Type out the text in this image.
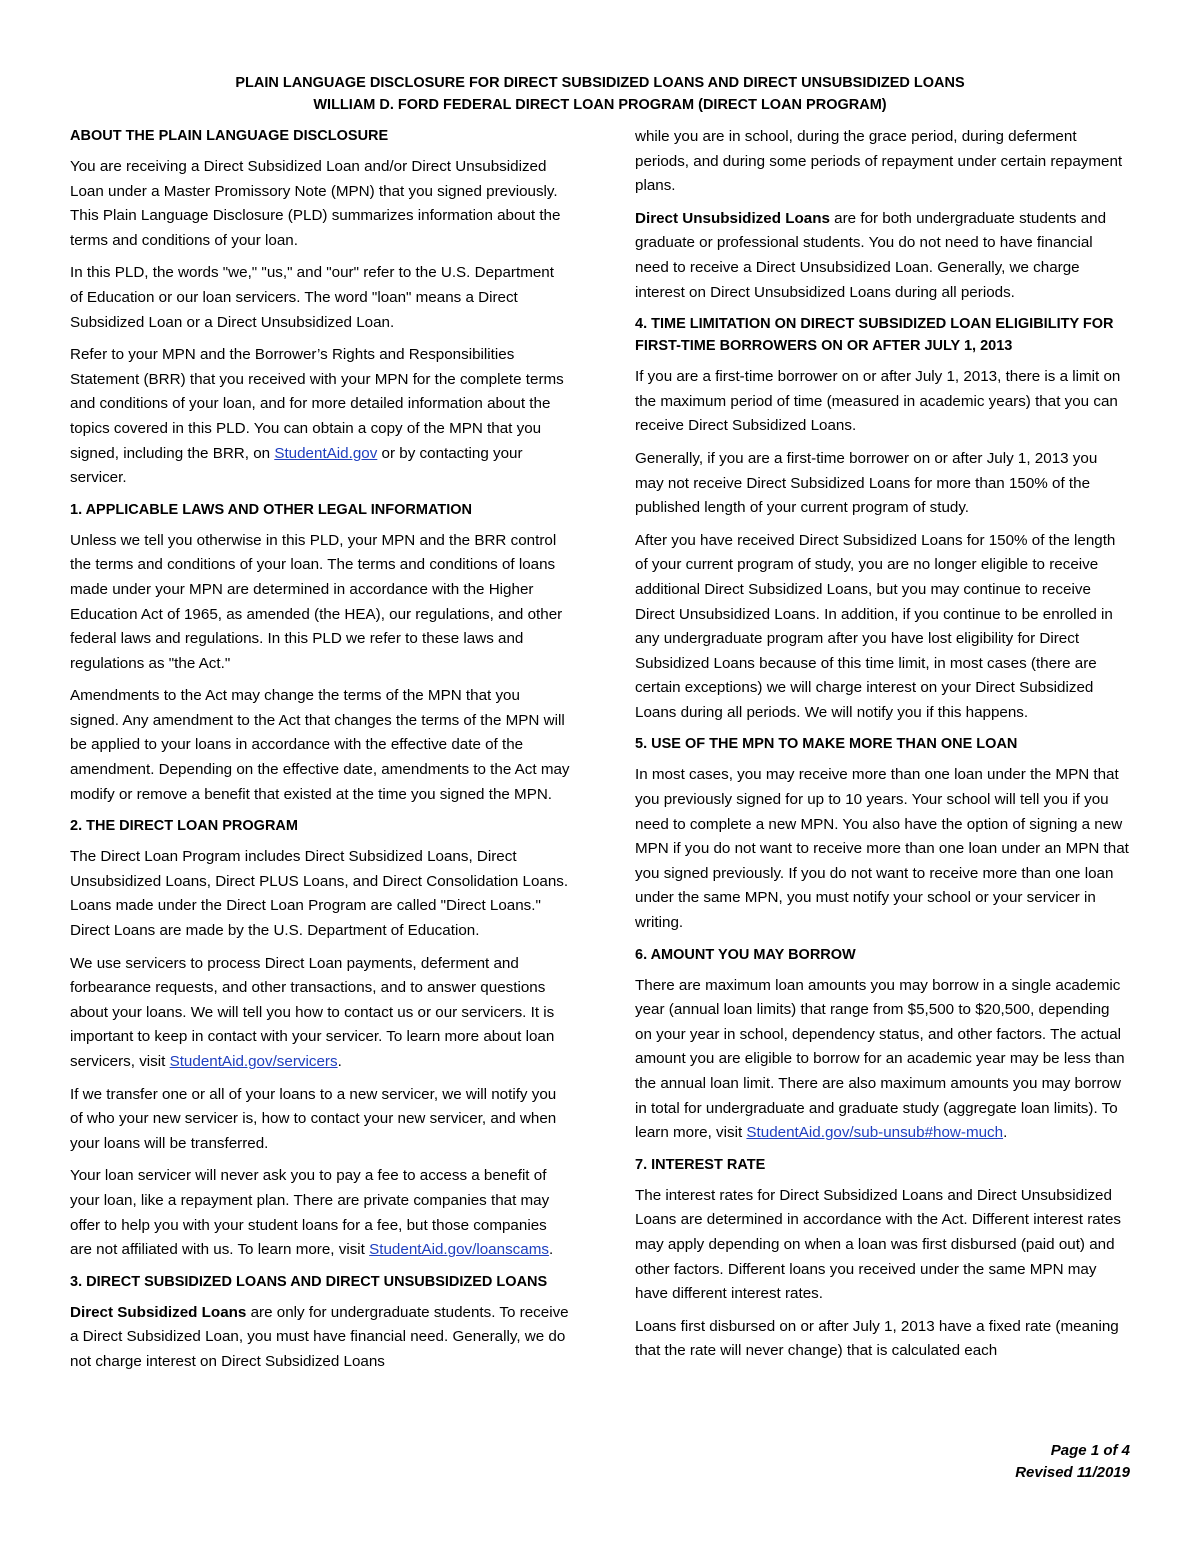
PLAIN LANGUAGE DISCLOSURE FOR DIRECT SUBSIDIZED LOANS AND DIRECT UNSUBSIDIZED LOANS
WILLIAM D. FORD FEDERAL DIRECT LOAN PROGRAM (DIRECT LOAN PROGRAM)
ABOUT THE PLAIN LANGUAGE DISCLOSURE

You are receiving a Direct Subsidized Loan and/or Direct Unsubsidized Loan under a Master Promissory Note (MPN) that you signed previously. This Plain Language Disclosure (PLD) summarizes information about the terms and conditions of your loan.

In this PLD, the words "we," "us," and "our" refer to the U.S. Department of Education or our loan servicers. The word "loan" means a Direct Subsidized Loan or a Direct Unsubsidized Loan.

Refer to your MPN and the Borrower’s Rights and Responsibilities Statement (BRR) that you received with your MPN for the complete terms and conditions of your loan, and for more detailed information about the topics covered in this PLD. You can obtain a copy of the MPN that you signed, including the BRR, on StudentAid.gov or by contacting your servicer.

1. APPLICABLE LAWS AND OTHER LEGAL INFORMATION

Unless we tell you otherwise in this PLD, your MPN and the BRR control the terms and conditions of your loan. The terms and conditions of loans made under your MPN are determined in accordance with the Higher Education Act of 1965, as amended (the HEA), our regulations, and other federal laws and regulations. In this PLD we refer to these laws and regulations as "the Act."

Amendments to the Act may change the terms of the MPN that you signed. Any amendment to the Act that changes the terms of the MPN will be applied to your loans in accordance with the effective date of the amendment. Depending on the effective date, amendments to the Act may modify or remove a benefit that existed at the time you signed the MPN.

2. THE DIRECT LOAN PROGRAM

The Direct Loan Program includes Direct Subsidized Loans, Direct Unsubsidized Loans, Direct PLUS Loans, and Direct Consolidation Loans. Loans made under the Direct Loan Program are called "Direct Loans." Direct Loans are made by the U.S. Department of Education.

We use servicers to process Direct Loan payments, deferment and forbearance requests, and other transactions, and to answer questions about your loans. We will tell you how to contact us or our servicers. It is important to keep in contact with your servicer. To learn more about loan servicers, visit StudentAid.gov/servicers.

If we transfer one or all of your loans to a new servicer, we will notify you of who your new servicer is, how to contact your new servicer, and when your loans will be transferred.

Your loan servicer will never ask you to pay a fee to access a benefit of your loan, like a repayment plan. There are private companies that may offer to help you with your student loans for a fee, but those companies are not affiliated with us. To learn more, visit StudentAid.gov/loanscams.

3. DIRECT SUBSIDIZED LOANS AND DIRECT UNSUBSIDIZED LOANS

Direct Subsidized Loans are only for undergraduate students. To receive a Direct Subsidized Loan, you must have financial need. Generally, we do not charge interest on Direct Subsidized Loans

while you are in school, during the grace period, during deferment periods, and during some periods of repayment under certain repayment plans.

Direct Unsubsidized Loans are for both undergraduate students and graduate or professional students. You do not need to have financial need to receive a Direct Unsubsidized Loan. Generally, we charge interest on Direct Unsubsidized Loans during all periods.

4. TIME LIMITATION ON DIRECT SUBSIDIZED LOAN ELIGIBILITY FOR FIRST-TIME BORROWERS ON OR AFTER JULY 1, 2013

If you are a first-time borrower on or after July 1, 2013, there is a limit on the maximum period of time (measured in academic years) that you can receive Direct Subsidized Loans.

Generally, if you are a first-time borrower on or after July 1, 2013 you may not receive Direct Subsidized Loans for more than 150% of the published length of your current program of study.

After you have received Direct Subsidized Loans for 150% of the length of your current program of study, you are no longer eligible to receive additional Direct Subsidized Loans, but you may continue to receive Direct Unsubsidized Loans. In addition, if you continue to be enrolled in any undergraduate program after you have lost eligibility for Direct Subsidized Loans because of this time limit, in most cases (there are certain exceptions) we will charge interest on your Direct Subsidized Loans during all periods. We will notify you if this happens.

5. USE OF THE MPN TO MAKE MORE THAN ONE LOAN

In most cases, you may receive more than one loan under the MPN that you previously signed for up to 10 years. Your school will tell you if you need to complete a new MPN. You also have the option of signing a new MPN if you do not want to receive more than one loan under an MPN that you signed previously. If you do not want to receive more than one loan under the same MPN, you must notify your school or your servicer in writing.

6. AMOUNT YOU MAY BORROW

There are maximum loan amounts you may borrow in a single academic year (annual loan limits) that range from $5,500 to $20,500, depending on your year in school, dependency status, and other factors. The actual amount you are eligible to borrow for an academic year may be less than the annual loan limit. There are also maximum amounts you may borrow in total for undergraduate and graduate study (aggregate loan limits). To learn more, visit StudentAid.gov/sub-unsub#how-much.

7. INTEREST RATE

The interest rates for Direct Subsidized Loans and Direct Unsubsidized Loans are determined in accordance with the Act. Different interest rates may apply depending on when a loan was first disbursed (paid out) and other factors. Different loans you received under the same MPN may have different interest rates.

Loans first disbursed on or after July 1, 2013 have a fixed rate (meaning that the rate will never change) that is calculated each

Page 1 of 4
Revised 11/2019
